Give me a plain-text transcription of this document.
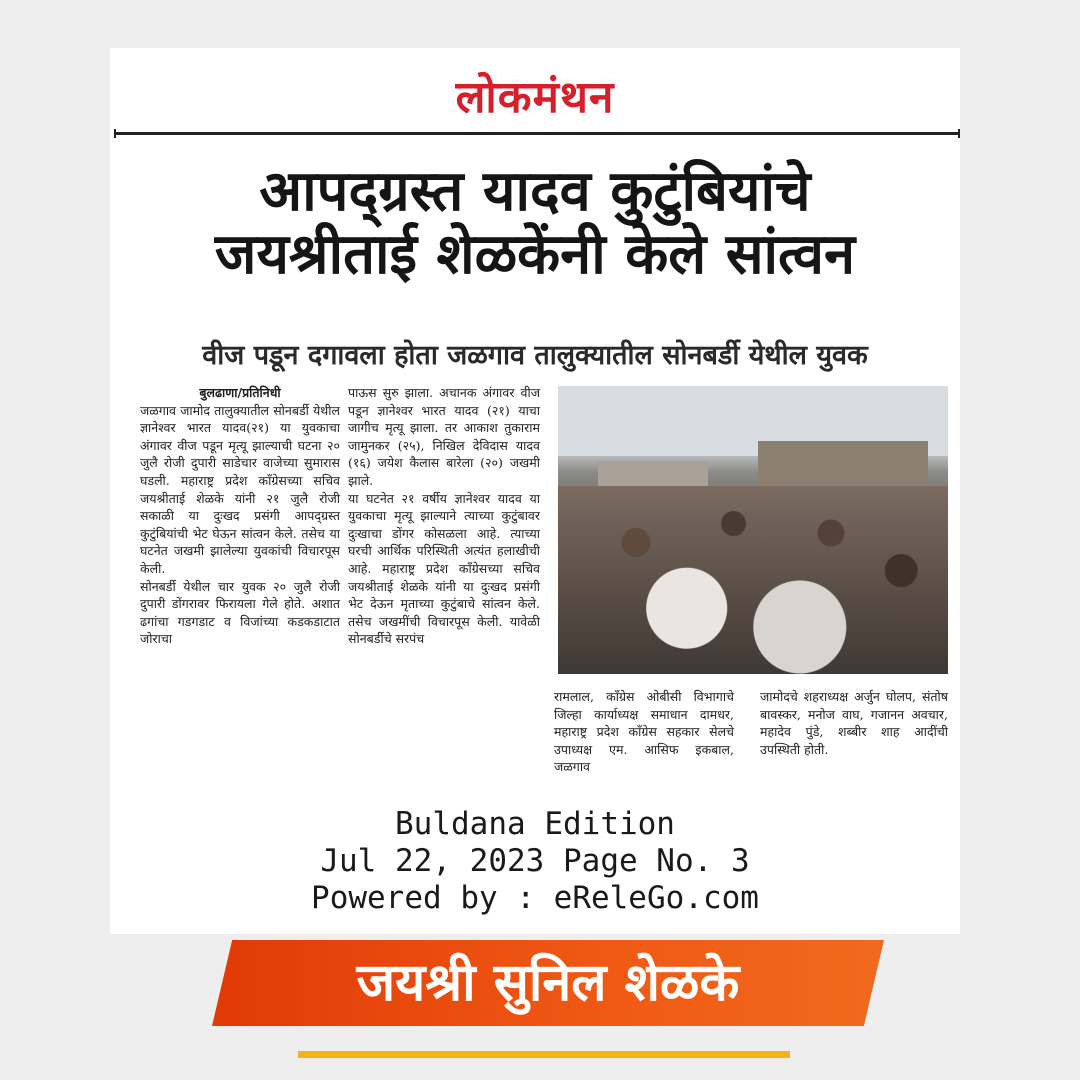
लोकमंथन
आपद्ग्रस्त यादव कुटुंबियांचे
जयश्रीताई शेळकेंनी केले सांत्वन
वीज पडून दगावला होता जळगाव तालुक्यातील सोनबर्डी येथील युवक

बुलढाणा/प्रतिनिधी

जळगाव जामोद तालुक्यातील सोनबर्डी येथील ज्ञानेश्वर भारत यादव(२१) या युवकाचा अंगावर वीज पडून मृत्यू झाल्याची घटना २० जुलै रोजी दुपारी साडेचार वाजेच्या सुमारास घडली. महाराष्ट्र प्रदेश कॉंग्रेसच्या सचिव जयश्रीताई शेळके यांनी २१ जुलै रोजी सकाळी या दुःखद प्रसंगी आपद्ग्रस्त कुटुंबियांची भेट घेऊन सांत्वन केले. तसेच या घटनेत जखमी झालेल्या युवकांची विचारपूस केली.

सोनबर्डी येथील चार युवक २० जुलै रोजी दुपारी डोंगरावर फिरायला गेले होते. अशात ढगांचा गडगडाट व विजांच्या कडकडाटात जोराचा

पाऊस सुरु झाला. अचानक अंगावर वीज पडून ज्ञानेश्वर भारत यादव (२१) याचा जागीच मृत्यू झाला. तर आकाश तुकाराम जामुनकर (२५), निखिल देविदास यादव (१६) जयेश कैलास बारेला (२०) जखमी झाले.

या घटनेत २१ वर्षीय ज्ञानेश्वर यादव या युवकाचा मृत्यू झाल्याने त्याच्या कुटुंबावर दुःखाचा डोंगर कोसळला आहे. त्याच्या घरची आर्थिक परिस्थिती अत्यंत हलाखीची आहे. महाराष्ट्र प्रदेश कॉंग्रेसच्या सचिव जयश्रीताई शेळके यांनी या दुःखद प्रसंगी भेट देऊन मृताच्या कुटुंबाचे सांत्वन केले. तसेच जखमींची विचारपूस केली. यावेळी सोनबर्डीचे सरपंच

रामलाल, कॉंग्रेस ओबीसी विभागाचे जिल्हा कार्याध्यक्ष समाधान दामधर, महाराष्ट्र प्रदेश कॉंग्रेस सहकार सेलचे उपाध्यक्ष एम. आसिफ इकबाल, जळगाव

जामोदचे शहराध्यक्ष अर्जुन घोलप, संतोष बावस्कर, मनोज वाघ, गजानन अवचार, महादेव पुंडे, शब्बीर शाह आदींची उपस्थिती होती.

Buldana Edition
Jul 22, 2023 Page No. 3
Powered by : eReleGo.com
जयश्री सुनिल शेळके
